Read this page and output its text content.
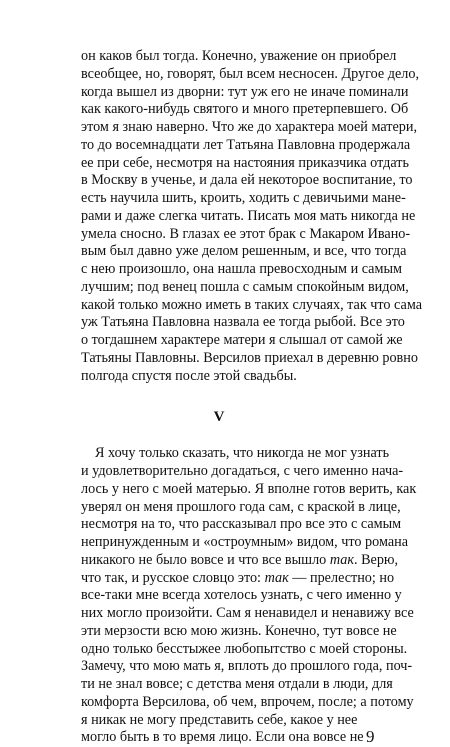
9
он каков был тогда. Конечно, уважение он приобрел
всеобщее, но, говорят, был всем несносен. Другое дело,
когда вышел из дворни: тут уж его не иначе поминали
как какого-нибудь святого и много претерпевшего. Об
этом я знаю наверно. Что же до характера моей матери,
то до восемнадцати лет Татьяна Павловна продержала
ее при себе, несмотря на настояния приказчика отдать
в Москву в ученье, и дала ей некоторое воспитание, то
есть научила шить, кроить, ходить с девичьими мане-
рами и даже слегка читать. Писать моя мать никогда не
умела сносно. В глазах ее этот брак с Макаром Ивано-
вым был давно уже делом решенным, и все, что тогда
с нею произошло, она нашла превосходным и самым
лучшим; под венец пошла с самым спокойным видом,
какой только можно иметь в таких случаях, так что сама
уж Татьяна Павловна назвала ее тогда рыбой. Все это
о тогдашнем характере матери я слышал от самой же
Татьяны Павловны. Версилов приехал в деревню ровно
полгода спустя после этой свадьбы.
V
Я хочу только сказать, что никогда не мог узнать
и удовлетворительно догадаться, с чего именно начa-
лось у него с моей матерью. Я вполне готов верить, как
уверял он меня прошлого года сам, с краской в лице,
несмотря на то, что рассказывал про все это с самым
непринужденным и «остроумным» видом, что романа
никакого не было вовсе и что все вышло так. Верю,
что так, и русское словцо это: так — прелестно; но
все-таки мне всегда хотелось узнать, с чего именно у
них могло произойти. Сам я ненавидел и ненавижу все
эти мерзости всю мою жизнь. Конечно, тут вовсе не
одно только бесстыжее любопытство с моей стороны.
Замечу, что мою мать я, вплоть до прошлого года, поч-
ти не знал вовсе; с детства меня отдали в люди, для
комфорта Версилова, об чем, впрочем, после; а потому
я никак не могу представить себе, какое у нее
могло быть в то время лицо. Если она вовсе не
